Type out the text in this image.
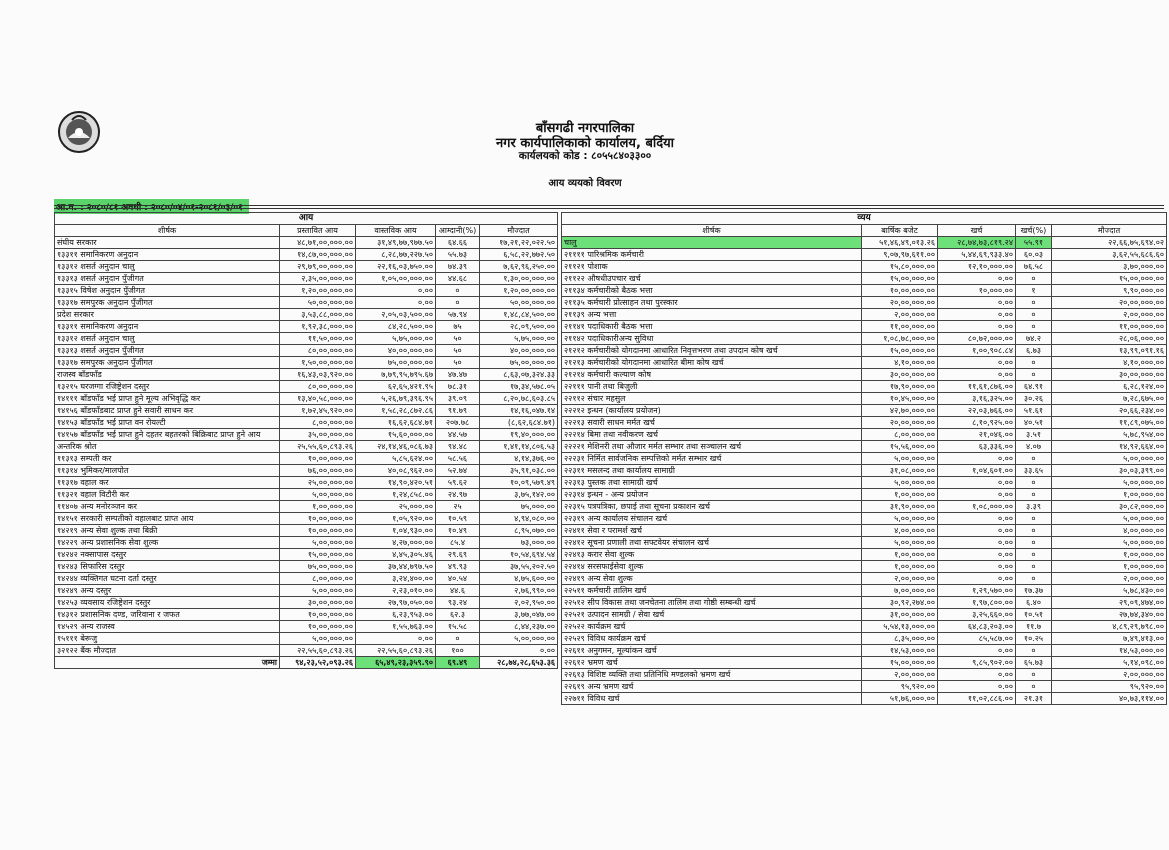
बाँसगढी नगरपालिका
नगर कार्यपालिकाको कार्यालय, बर्दिया
कार्यलयको कोड : ८०५५८४०३३००
आय व्ययको विवरण
आ.व. : २०८०/८१ अवधी : २०८०/०४/०१-२०८१/०३/०१
आय				
शीर्षक	प्रस्तावित आय	वास्तविक आय	आम्दानी(%)	मौज्दात
संघीय सरकार	४८,७१,००,०००.००	३१,४९,७७,९७७.५०	६४.६६	१७,२१,२२,०२२.५०
१३३११ समानिकरण अनुदान	१४,८७,००,०००.००	८,२८,७७,२२७.५०	५५.७३	६,५८,२२,७७२.५०
१३३१२ शसर्त अनुदान चालु	२९,७९,००,०००.००	२२,१६,०३,७५०.००	७४.३९	७,६२,९६,२५०.००
१३३१३ शसर्त अनुदान पुँजीगत	२,३५,००,०००.००	१,०५,००,०००.००	४४.६८	१,३०,००,०००.००
१३३१५ विषेश अनुदान पुँजीगत	१,२०,००,०००.००	०.००	०	१,२०,००,०००.००
१३३१७ समपुरक अनुदान पुँजीगत	५०,००,०००.००	०.००	०	५०,००,०००.००
प्रदेश सरकार	३,५३,८८,०००.००	२,०५,०३,५००.००	५७.९४	१,४८,८४,५००.००
१३३११ समानिकरण अनुदान	१,९२,३८,०००.००	८४,२८,५००.००	७५	२८,०९,५००.००
१३३१२ शसर्त अनुदान चालु	११,५०,०००.००	५,७५,०००.००	५०	५,७५,०००.००
१३३१३ शसर्त अनुदान पुँजीगत	८०,००,०००.००	४०,००,०००.००	५०	४०,००,०००.००
१३३१७ समपुरक अनुदान पुँजीगत	१,५०,००,०००.००	७५,००,०००.००	५०	७५,००,०००.००
राजस्व बाँडफाँड	१६,४३,०३,९२०.००	७,७९,९५,७९५.६७	४७.४७	८,६३,०७,३२४.३३
१३२१५ घरजग्गा रजिष्ट्रेशन दस्तुर	८०,००,०००.००	६२,६५,४२१.९५	७८.३१	१७,३४,५७८.०५
१४१११ बाँडफाँड भई प्राप्त हुने मूल्य अभिवृद्धि कर	१३,४०,५८,०००.००	५,२६,७९,३९६.९५	३९.०९	८,२०,७८,६०३.८५
१४१५६ बाँडफाँडबाट प्राप्त हुने सवारी साधन कर	१,७२,४५,९२०.००	१,५८,२८,८७२.८६	९१.७९	१४,१६,०४७.१४
१४१५३ बाँडफाँड भई प्राप्त वन रोयल्टी	८,००,०००.००	१६,६२,६८४.७१	२०७.७८	(८,६२,६८४.७१)
१४१५७ बाँडफाँड भई प्राप्त हुने दहतर बहतरको बिक्रिबाट प्राप्त हुने आय	३५,००,०००.००	१५,६०,०००.००	४४.५७	१९,४०,०००.००
अन्तरिक श्रोत	२५,५५,६०,८९३.२६	२४,१४,४६,०८६.७३	९४.४८	१,४१,१४,८०६.५३
११३१३ सम्पती कर	१०,००,०००.००	५,८५,६२४.००	५८.५६	४,१४,३७६.००
११३१४ भुमिकर/मालपोत	७६,००,०००.००	४०,०८,९६२.००	५२.७४	३५,९१,०३८.००
११३१७ वहाल कर	२५,००,०००.००	१४,९०,४२०.५१	५९.६२	१०,०९,५७९.४९
११३२१ वहाल विटौरी कर	५,००,०००.००	१,२४,८५८.००	२४.९७	३,७५,१४२.००
११४०७ अन्य मनोरञ्जन कर	१,००,०००.००	२५,०००.००	२५	७५,०००.००
१४१५१ सरकारी सम्पतीको वहालबाट प्राप्त आय	१०,००,०००.००	१,०५,९२०.००	१०.५९	४,९४,०८०.००
१४२१९ अन्य सेवा शुल्क तथा बिक्री	१०,००,०००.००	१,०४,९३०.००	१०.४९	८,९५,०७०.००
१४२२९ अन्य प्रशासनिक सेवा शुल्क	५,००,०००.००	४,२७,०००.००	८५.४	७३,०००.००
१४२४२ नक्सापास दस्तुर	१५,००,०००.००	४,४५,३०५.४६	२९.६९	१०,५४,६९४.५४
१४२४३ सिफारिस दस्तुर	७५,००,०००.००	३७,४४,७९७.५०	४९.९३	३७,५५,२०२.५०
१४२४४ व्यक्तिगत घटना दर्ता दस्तुर	८,००,०००.००	३,२४,४००.००	४०.५४	४,७५,६००.००
१४२४९ अन्य दस्तुर	५,००,०००.००	२,२३,०१०.००	४४.६	२,७६,९९०.००
१४२५३ व्यवसाय रजिष्ट्रेशन दस्तुर	३०,००,०००.००	२७,९७,०५०.००	९३.२४	२,०२,९५०.००
१४३१२ प्रशासनिक दण्ड, जरिवाना र जफत	१०,००,०००.००	६,२३,९५३.००	६२.३	३,७७,०४७.००
१४५२९ अन्य राजस्व	१०,००,०००.००	१,५५,७६३.००	१५.५८	८,४४,२३७.००
१५१११ बेरूजु	५,००,०००.००	०.००	०	५,००,०००.००
३२१२२ बैंक मौज्दात	२२,५५,६०,८९३.२६	२२,५५,६०,८९३.२६	१००	०.००
जम्मा	९४,२३,५२,०९३.२६	६५,४९,२३,३५९.९०	६९.४९	२८,७४,२८,६५३.३६
व्यय				
शीर्षक	बार्षिक बजेट	खर्च	खर्च(%)	मौज्दात
चालु	५१,४६,४९,०१३.२६	२८,७४,७३,८१९.२४	५५.९१	२२,६६,७५,६९४.०२
२११११ पारिश्रमिक कर्मचारी	९,०७,९७,६११.००	५,४४,६९,९३३.४०	६०.०३	३,६२,५५,६८६.६०
२११२१ पोशाक	१५,८०,०००.००	१२,१०,०००.००	७६.५८	३,७०,०००.००
२११२२ औषधीउपचार खर्च	१५,००,०००.००	०.००	०	१५,००,०००.००
२११३४ कर्मचारीको बैठक भत्ता	१०,००,०००.००	१०,०००.००	१	९,९०,०००.००
२११३५ कर्मचारी प्रोत्साहन तथा पुरस्कार	२०,००,०००.००	०.००	०	२०,००,०००.००
२११३९ अन्य भत्ता	२,००,०००.००	०.००	०	२,००,०००.००
२११४१ पदाधिकारी बैठक भत्ता	११,००,०००.००	०.००	०	११,००,०००.००
२११४२ पदाधिकारीअन्य सुविधा	१,०८,७८,०००.००	८०,७२,०००.००	७४.२	२८,०६,०००.००
२१२१२ कर्मचारीको योगदानमा आधारित निवृत्तभरण तथा उपदान कोष खर्च	१५,००,०००.००	१,००,९०८.८४	६.७३	१३,९९,०९१.१६
२१२१३ कर्मचारीको योगदानमा आधारित बीमा कोष खर्च	४,१०,०००.००	०.००	०	४,१०,०००.००
२१२१४ कर्मचारी कल्याण कोष	३०,००,०००.००	०.००	०	३०,००,०००.००
२२१११ पानी तथा बिजुली	१७,९०,०००.००	११,६१,८७६.००	६४.९१	६,२८,१२४.००
२२११२ संचार महसुल	१०,४५,०००.००	३,१६,३२५.००	३०.२६	७,२८,६७५.००
२२२१२ इन्धन (कार्यालय प्रयोजन)	४२,७०,०००.००	२२,०३,७६६.००	५१.६१	२०,६६,२३४.००
२२२१३ सवारी साधन मर्मत खर्च	२०,००,०००.००	८,१०,९२५.००	४०.५१	११,८९,०७५.००
२२२१४ बिमा तथा नवीकरण खर्च	८,००,०००.००	२१,०४६.००	३.५१	५,७८,९५४.००
२२२२१ मेशिनरी तथा औजार मर्मत सम्भार तथा सञ्चालन खर्च	१५,५६,०००.००	६३,३३६.००	४.०७	१४,९२,६६४.००
२२२३१ निर्मित सार्वजनिक सम्पत्तिको मर्मत सम्भार खर्च	५,००,०००.००	०.००	०	५,००,०००.००
२२३११ मसलन्द तथा कार्यालय सामाग्री	३१,०८,०००.००	१,०४,६०१.००	३३.६५	३०,०३,३९९.००
२२३१३ पुस्तक तथा सामाग्री खर्च	५,००,०००.००	०.००	०	५,००,०००.००
२२३१४ इन्धन - अन्य प्रयोजन	१,००,०००.००	०.००	०	१,००,०००.००
२२३१५ पत्रपत्रिका, छपाई तथा सूचना प्रकाशन खर्च	३१,९०,०००.००	१,०८,०००.००	३.३९	३०,८२,०००.००
२२३१९ अन्य कार्यालय संचालन खर्च	५,००,०००.००	०.००	०	५,००,०००.००
२२४११ सेवा र परामर्श खर्च	४,००,०००.००	०.००	०	४,००,०००.००
२२४१२ सूचना प्रणाली तथा सफ्टवेयर संचालन खर्च	५,००,०००.००	०.००	०	५,००,०००.००
२२४१३ करार सेवा शुल्क	१,००,०००.००	०.००	०	१,००,०००.००
२२४१४ सरसफाईसेवा शुल्क	१,००,०००.००	०.००	०	१,००,०००.००
२२४१९ अन्य सेवा शुल्क	२,००,०००.००	०.००	०	२,००,०००.००
२२५११ कर्मचारी तालिम खर्च	७,००,०००.००	१,२९,५७०.००	१७.३७	५,७८,४३०.००
२२५१२ सीप विकास तथा जनचेतना तालिम तथा गोष्ठी सम्बन्धी खर्च	३०,९२,२७४.००	१,९७,८००.००	६.४०	२९,०९,४७४.००
२२५२१ उत्पादन सामग्री / सेवा खर्च	३१,००,०००.००	३,२५,६६०.००	१०.५१	२७,७४,३४०.००
२२५२२ कार्यक्रम खर्च	५,५४,१३,०००.००	६४,८३,२०३.००	११.७	४,८९,२९,७९८.००
२२५२९ विविध कार्यक्रम खर्च	८,३५,०००.००	८५,५८७.००	१०.२५	७,४९,४१३.००
२२६११ अनुगमन, मूल्यांकन खर्च	१४,५३,०००.००	०.००	०	१४,५३,०००.००
२२६१२ भ्रमण खर्च	१५,००,०००.००	९,८५,९०२.००	६५.७३	५,१४,०९८.००
२२६१३ विशिष्ट व्यक्ति तथा प्रतिनिधि मण्डलको भ्रमण खर्च	२,००,०००.००	०.००	०	२,००,०००.००
२२६१९ अन्य भ्रमण खर्च	९५,९२०.००	०.००	०	९५,९२०.००
२२७११ विविध खर्च	५१,७६,०००.००	११,०२,८८६.००	२१.३१	४०,७३,११४.००
